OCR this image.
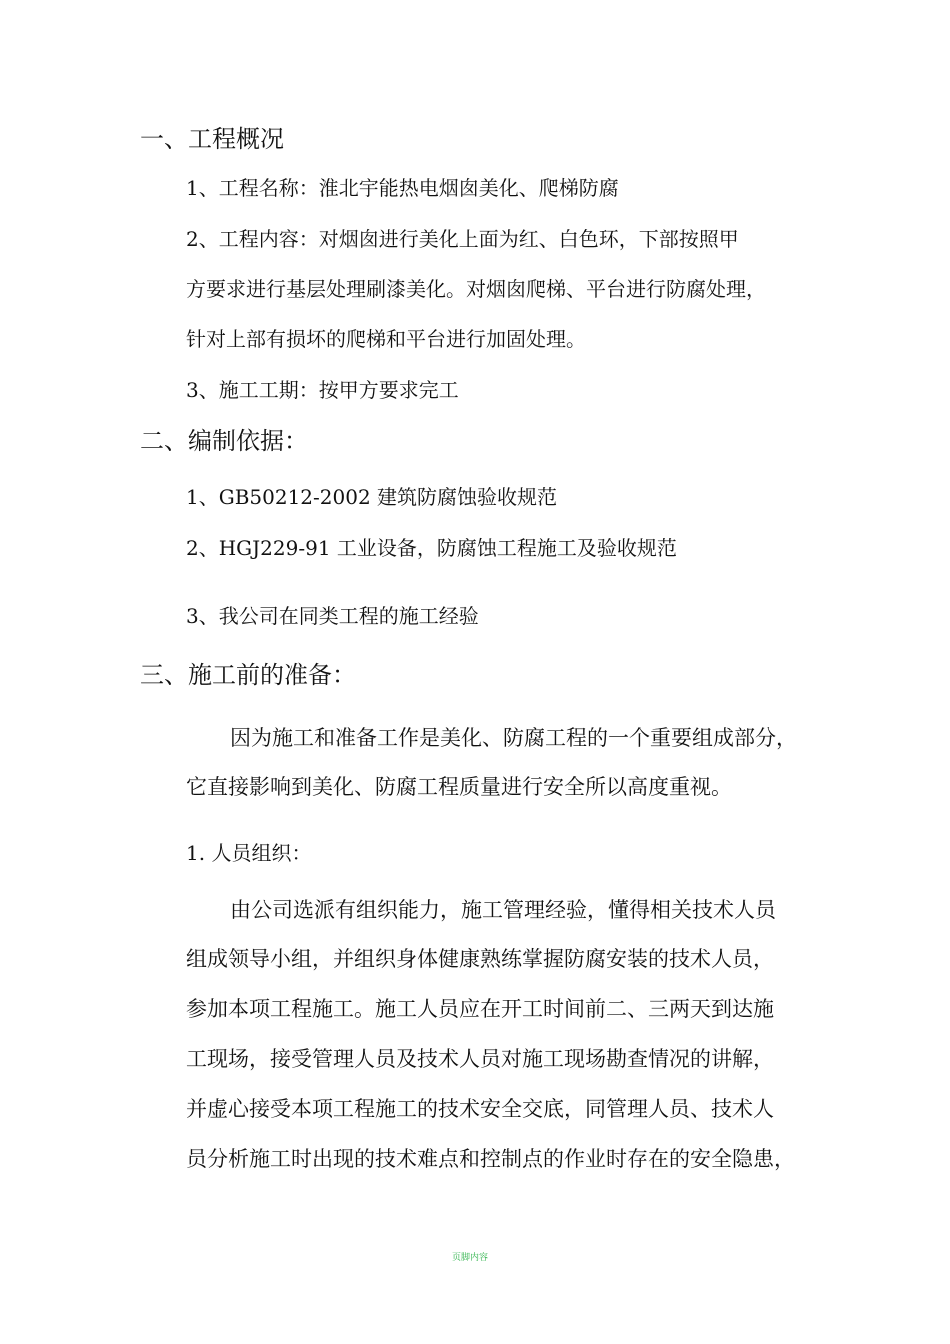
一、工程概况
1、工程名称：淮北宇能热电烟囱美化、爬梯防腐
2、工程内容：对烟囱进行美化上面为红、白色环，下部按照甲
方要求进行基层处理刷漆美化。对烟囱爬梯、平台进行防腐处理，
针对上部有损坏的爬梯和平台进行加固处理。
3、施工工期：按甲方要求完工
二、编制依据：
1、GB50212-2002 建筑防腐蚀验收规范
2、HGJ229-91 工业设备，防腐蚀工程施工及验收规范
3、我公司在同类工程的施工经验
三、施工前的准备：
因为施工和准备工作是美化、防腐工程的一个重要组成部分，
它直接影响到美化、防腐工程质量进行安全所以高度重视。
1. 人员组织：
由公司选派有组织能力，施工管理经验，懂得相关技术人员
组成领导小组，并组织身体健康熟练掌握防腐安装的技术人员，
参加本项工程施工。施工人员应在开工时间前二、三两天到达施
工现场，接受管理人员及技术人员对施工现场勘查情况的讲解，
并虚心接受本项工程施工的技术安全交底，同管理人员、技术人
员分析施工时出现的技术难点和控制点的作业时存在的安全隐患，
页脚内容
